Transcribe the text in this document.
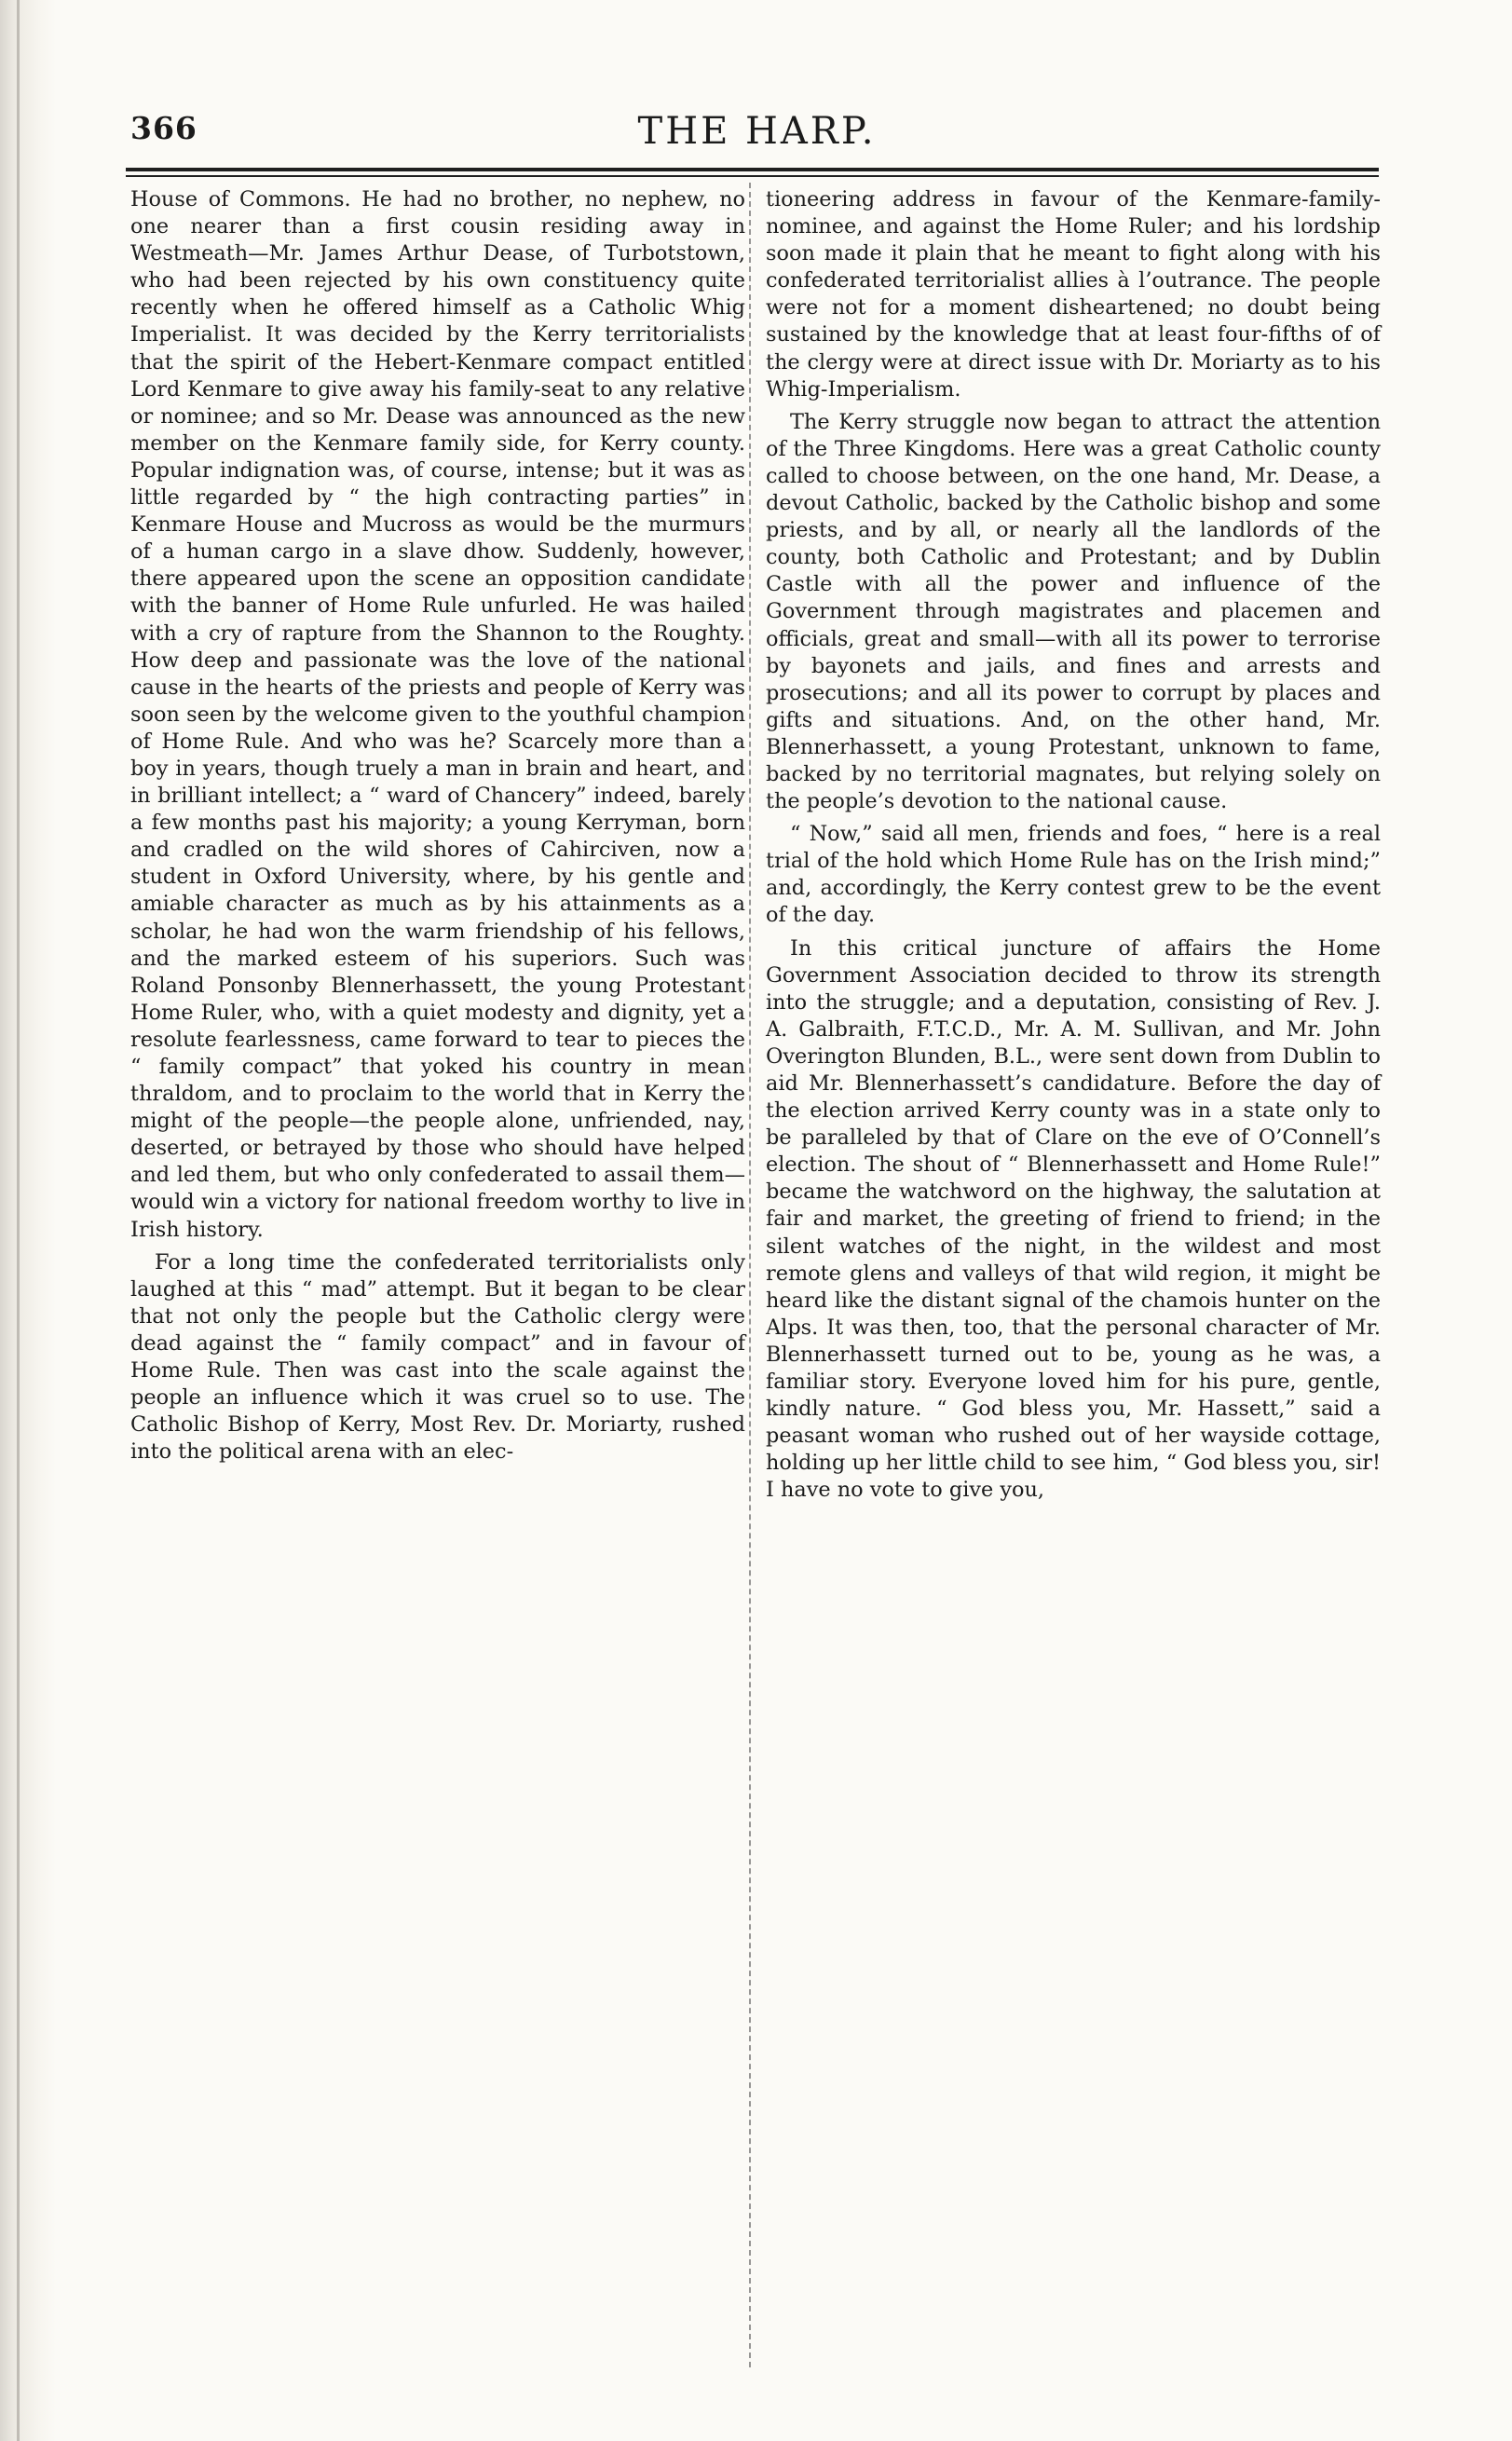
366	THE HARP.

House of Commons. He had no brother, no nephew, no one nearer than a first cousin residing away in Westmeath—Mr. James Arthur Dease, of Turbotstown, who had been rejected by his own constituency quite recently when he offered himself as a Catholic Whig Imperialist. It was decided by the Kerry territorialists that the spirit of the Hebert-Kenmare compact entitled Lord Kenmare to give away his family-seat to any relative or nominee; and so Mr. Dease was announced as the new member on the Kenmare family side, for Kerry county. Popular indignation was, of course, intense; but it was as little regarded by “ the high contracting parties” in Kenmare House and Mucross as would be the murmurs of a human cargo in a slave dhow. Suddenly, however, there appeared upon the scene an opposition candidate with the banner of Home Rule unfurled. He was hailed with a cry of rapture from the Shannon to the Roughty. How deep and passionate was the love of the national cause in the hearts of the priests and people of Kerry was soon seen by the welcome given to the youthful champion of Home Rule. And who was he? Scarcely more than a boy in years, though truely a man in brain and heart, and in brilliant intellect; a “ ward of Chancery” indeed, barely a few months past his majority; a young Kerryman, born and cradled on the wild shores of Cahirciven, now a student in Oxford University, where, by his gentle and amiable character as much as by his attainments as a scholar, he had won the warm friendship of his fellows, and the marked esteem of his superiors. Such was Roland Ponsonby Blennerhassett, the young Protestant Home Ruler, who, with a quiet modesty and dignity, yet a resolute fearlessness, came forward to tear to pieces the “ family compact” that yoked his country in mean thraldom, and to proclaim to the world that in Kerry the might of the people—the people alone, unfriended, nay, deserted, or betrayed by those who should have helped and led them, but who only confederated to assail them—would win a victory for national freedom worthy to live in Irish history.

For a long time the confederated territorialists only laughed at this “ mad” attempt. But it began to be clear that not only the people but the Catholic clergy were dead against the “ family compact” and in favour of Home Rule. Then was cast into the scale against the people an influence which it was cruel so to use. The Catholic Bishop of Kerry, Most Rev. Dr. Moriarty, rushed into the political arena with an elec-

tioneering address in favour of the Kenmare-family-nominee, and against the Home Ruler; and his lordship soon made it plain that he meant to fight along with his confederated territorialist allies à l’outrance. The people were not for a moment disheartened; no doubt being sustained by the knowledge that at least four-fifths of of the clergy were at direct issue with Dr. Moriarty as to his Whig-Imperialism.

The Kerry struggle now began to attract the attention of the Three Kingdoms. Here was a great Catholic county called to choose between, on the one hand, Mr. Dease, a devout Catholic, backed by the Catholic bishop and some priests, and by all, or nearly all the landlords of the county, both Catholic and Protestant; and by Dublin Castle with all the power and influence of the Government through magistrates and placemen and officials, great and small—with all its power to terrorise by bayonets and jails, and fines and arrests and prosecutions; and all its power to corrupt by places and gifts and situations. And, on the other hand, Mr. Blennerhassett, a young Protestant, unknown to fame, backed by no territorial magnates, but relying solely on the people’s devotion to the national cause.

“ Now,” said all men, friends and foes, “ here is a real trial of the hold which Home Rule has on the Irish mind;” and, accordingly, the Kerry contest grew to be the event of the day.

In this critical juncture of affairs the Home Government Association decided to throw its strength into the struggle; and a deputation, consisting of Rev. J. A. Galbraith, F.T.C.D., Mr. A. M. Sullivan, and Mr. John Overington Blunden, B.L., were sent down from Dublin to aid Mr. Blennerhassett’s candidature. Before the day of the election arrived Kerry county was in a state only to be paralleled by that of Clare on the eve of O’Connell’s election. The shout of “ Blennerhassett and Home Rule!” became the watchword on the highway, the salutation at fair and market, the greeting of friend to friend; in the silent watches of the night, in the wildest and most remote glens and valleys of that wild region, it might be heard like the distant signal of the chamois hunter on the Alps. It was then, too, that the personal character of Mr. Blennerhassett turned out to be, young as he was, a familiar story. Everyone loved him for his pure, gentle, kindly nature. “ God bless you, Mr. Hassett,” said a peasant woman who rushed out of her wayside cottage, holding up her little child to see him, “ God bless you, sir! I have no vote to give you,
